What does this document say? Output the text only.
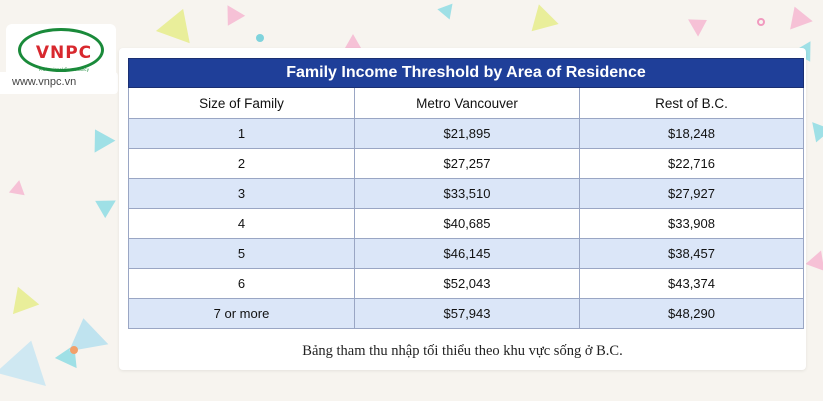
VNPC
Professional Consultancy
www.vnpc.vn
Family Income Threshold by Area of Residence		
Size of Family	Metro Vancouver	Rest of B.C.
1	$21,895	$18,248
2	$27,257	$22,716
3	$33,510	$27,927
4	$40,685	$33,908
5	$46,145	$38,457
6	$52,043	$43,374
7 or more	$57,943	$48,290
Bảng tham thu nhập tối thiểu theo khu vực sống ở B.C.
